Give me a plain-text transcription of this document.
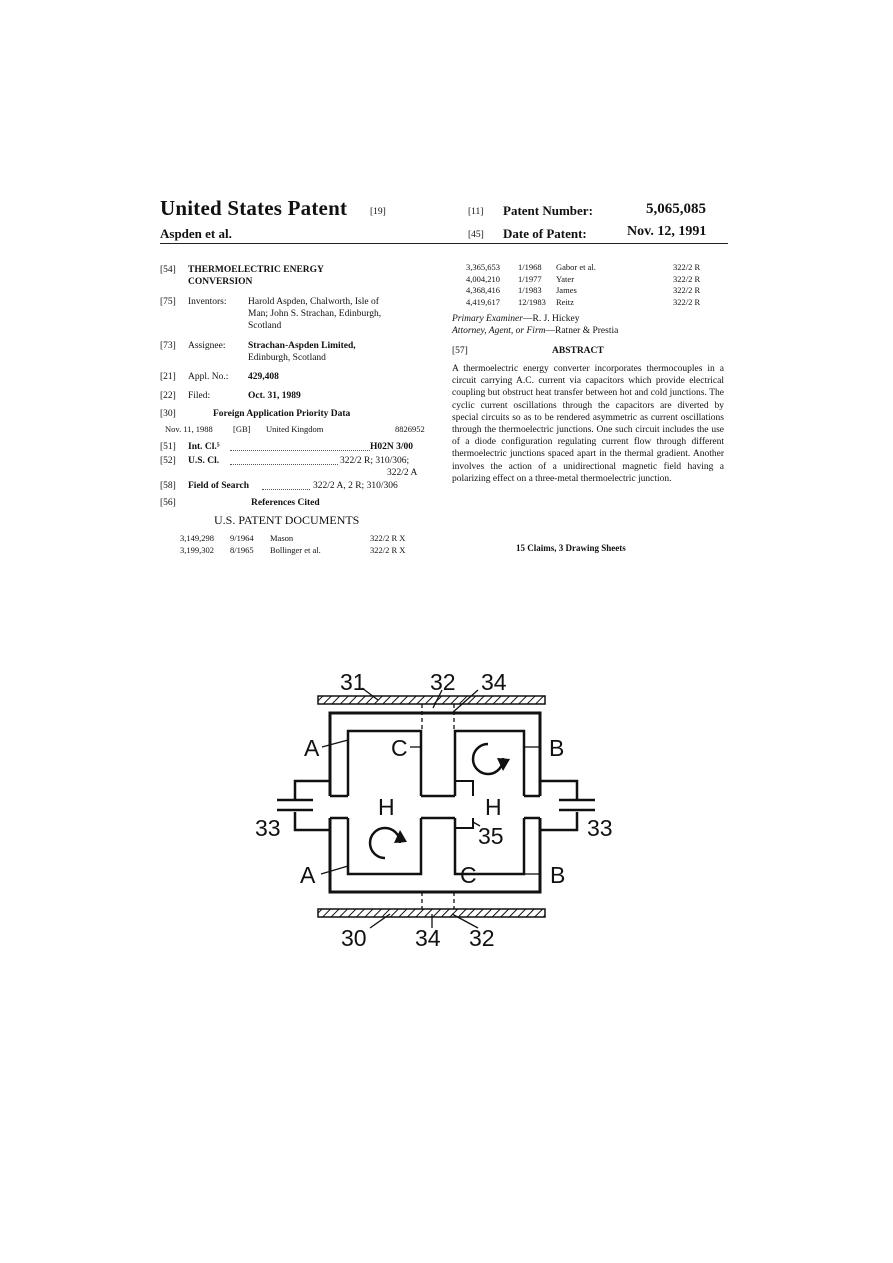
United States Patent [19]
Aspden et al.
[11] Patent Number:	5,065,085
[45] Date of Patent:	Nov. 12, 1991
[54]	THERMOELECTRIC ENERGY
CONVERSION
[75] Inventors: Harold Aspden, Chalworth, Isle of
Man; John S. Strachan, Edinburgh,
Scotland
[73] Assignee: Strachan-Aspden Limited,
Edinburgh, Scotland
[21] Appl. No.: 429,408
[22] Filed:	Oct. 31, 1989
[30]	Foreign Application Priority Data
Nov. 11, 1988 [GB] United Kingdom	8826952
[51] Int. Cl.⁵	H02N 3/00
[52] U.S. Cl.	322/2 R; 310/306;
322/2 A
[58] Field of Search	322/2 A, 2 R; 310/306
[56]	References Cited
U.S. PATENT DOCUMENTS
3,149,298 9/1964 Mason	322/2 R X
3,199,302 8/1965 Bollinger et al.	322/2 R X
3,365,653 1/1968 Gabor et al.	322/2 R
4,004,210 1/1977 Yater	322/2 R
4,368,416 1/1983 James	322/2 R
4,419,617 12/1983 Reitz	322/2 R
Primary Examiner—R. J. Hickey
Attorney, Agent, or Firm—Ratner & Prestia
[57]	ABSTRACT
A thermoelectric energy converter incorporates thermocouples in a circuit carrying A.C. current via capacitors which provide electrical coupling but obstruct heat transfer between hot and cold junctions. The cyclic current oscillations through the capacitors are diverted by special circuits so as to be rendered asymmetric as current oscillations through the thermoelectric junctions. One such circuit includes the use of a diode configuration regulating current flow through different thermoelectric junctions spaced apart in the thermal gradient. Another involves the action of a unidirectional magnetic field having a polarizing effect on a three-metal thermoelectric junction.
15 Claims, 3 Drawing Sheets
31	32 34
A	C	B
H	H
33	33
35
A	C	B
30 34 32
